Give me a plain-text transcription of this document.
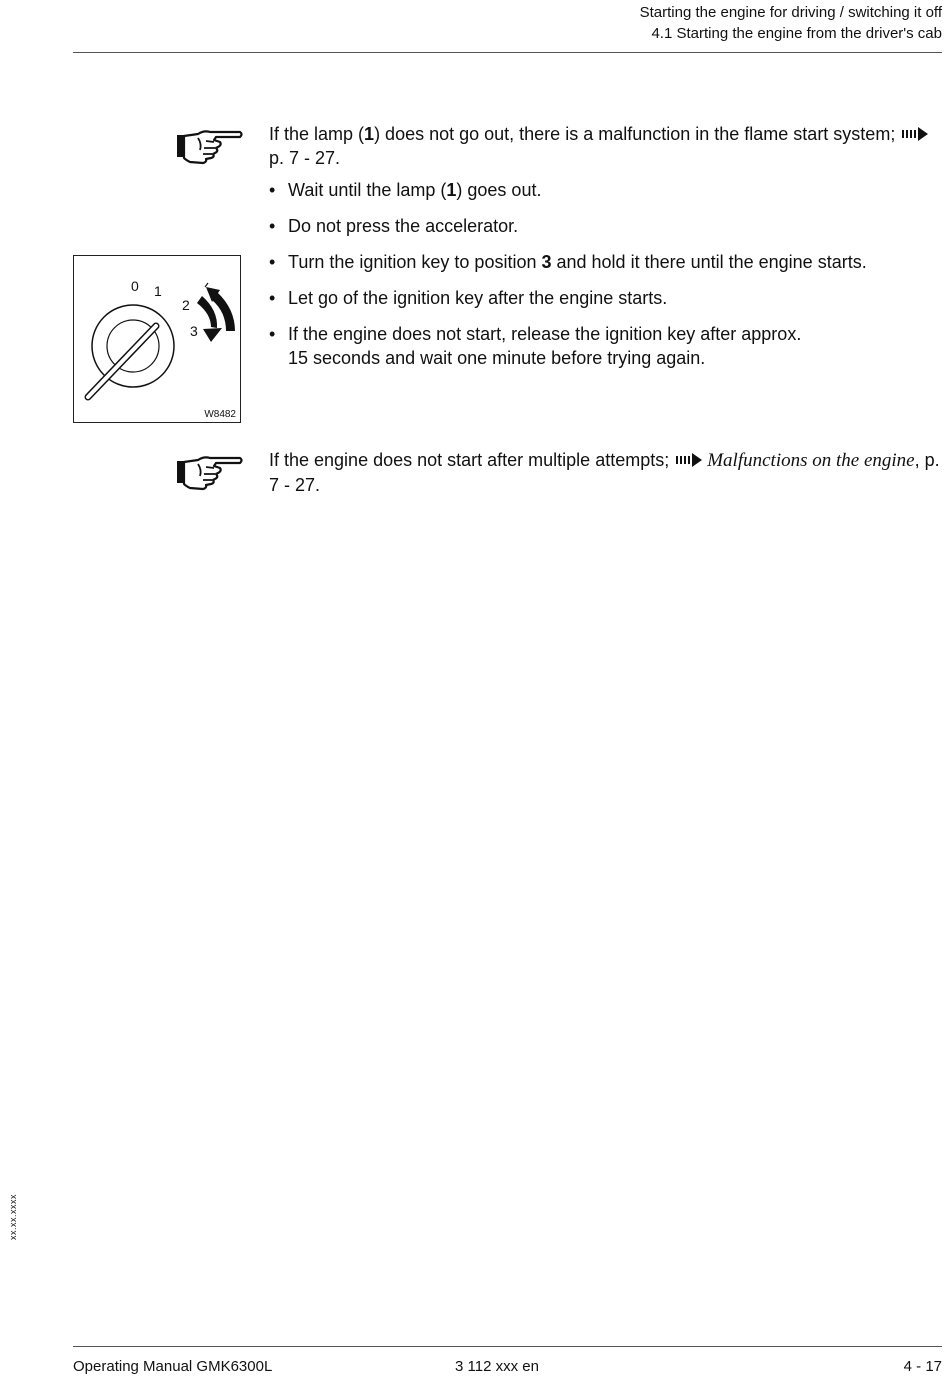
Starting the engine for driving / switching it off
4.1 Starting the engine from the driver's cab
If the lamp (1) does not go out, there is a malfunction in the flame start system; p. 7 - 27.
• Wait until the lamp (1) goes out.
• Do not press the accelerator.
• Turn the ignition key to position 3 and hold it there until the engine starts.
• Let go of the ignition key after the engine starts.
• If the engine does not start, release the ignition key after approx.
15 seconds and wait one minute before trying again.
0 1
2
3
W8482
If the engine does not start after multiple attempts; Malfunctions on the engine, p. 7 - 27.
xx.xx.xxxx
Operating Manual GMK6300L	3 112 xxx en	4 - 17
